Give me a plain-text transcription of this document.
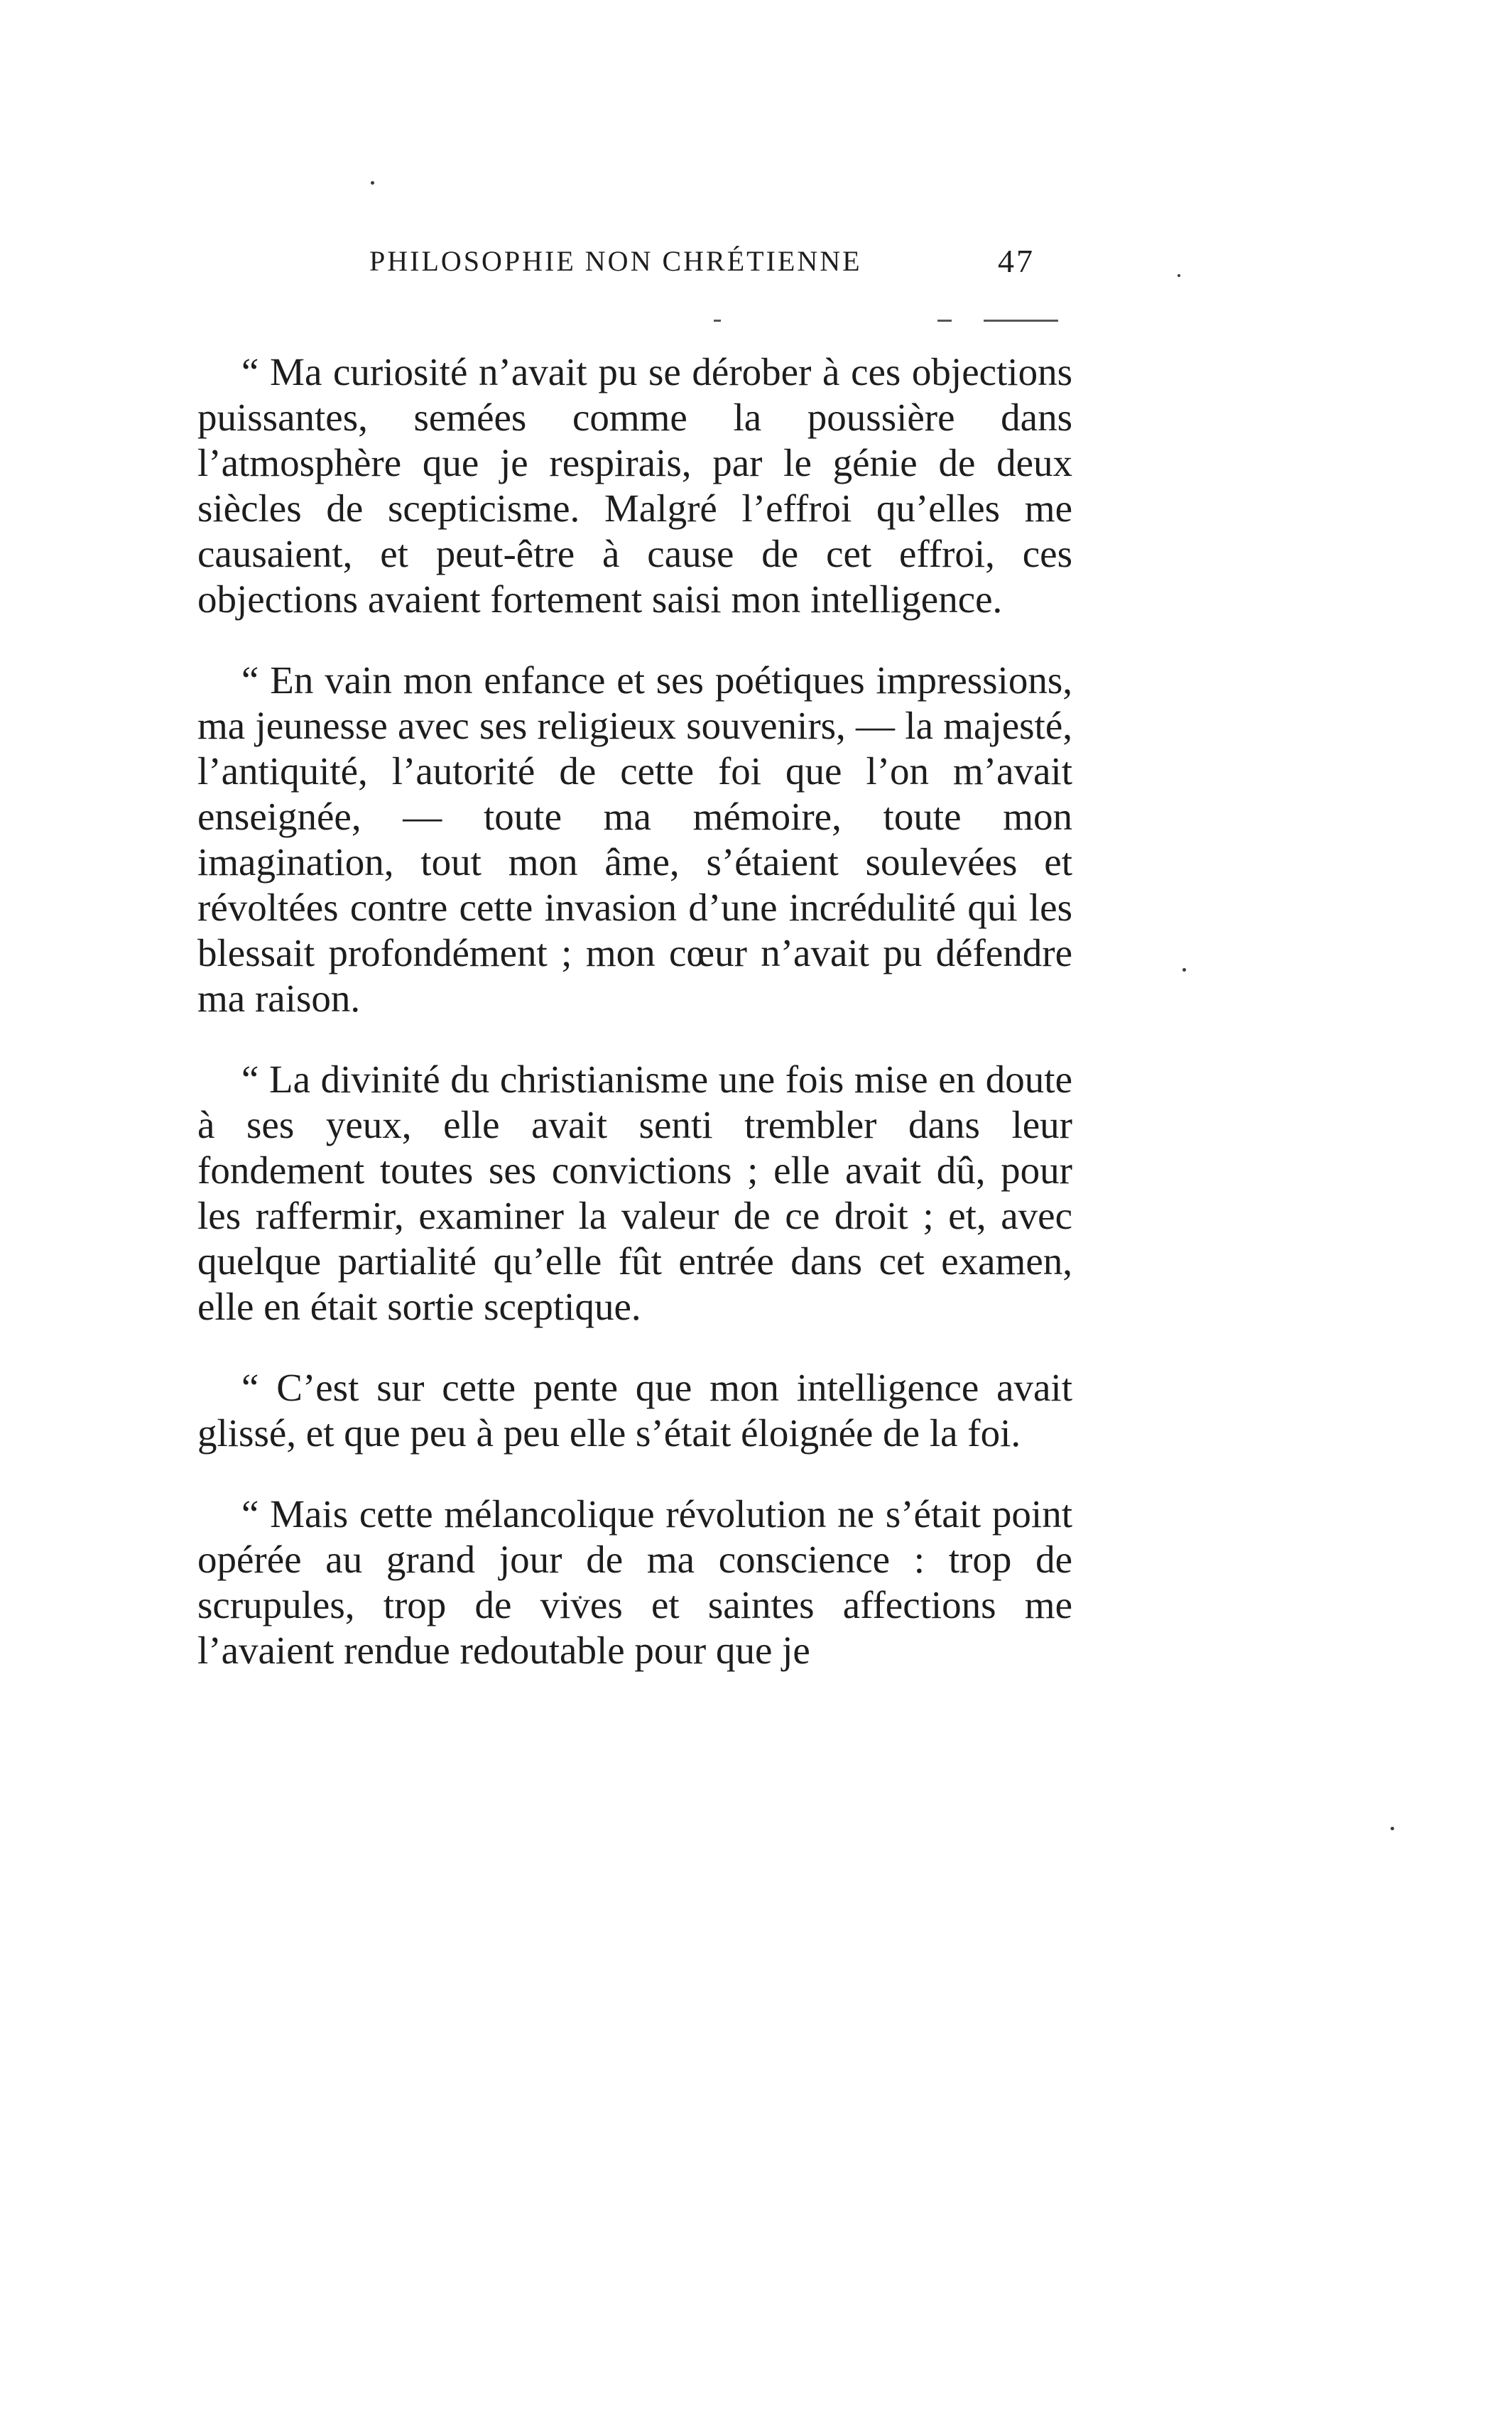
PHILOSOPHIE NON CHRÉTIENNE	47

“ Ma curiosité n’avait pu se dérober à ces objections puissantes, semées comme la poussière dans l’atmosphère que je respirais, par le génie de deux siècles de scepticisme. Malgré l’effroi qu’elles me causaient, et peut-être à cause de cet effroi, ces objections avaient fortement saisi mon intelligence.

“ En vain mon enfance et ses poétiques impressions, ma jeunesse avec ses religieux souvenirs, — la majesté, l’antiquité, l’autorité de cette foi que l’on m’avait enseignée, — toute ma mémoire, toute mon imagination, tout mon âme, s’étaient soulevées et révoltées contre cette invasion d’une incrédulité qui les blessait profondément ; mon cœur n’avait pu défendre ma raison.

“ La divinité du christianisme une fois mise en doute à ses yeux, elle avait senti trembler dans leur fondement toutes ses convictions ; elle avait dû, pour les raffermir, examiner la valeur de ce droit ; et, avec quelque partialité qu’elle fût entrée dans cet examen, elle en était sortie sceptique.

“ C’est sur cette pente que mon intelligence avait glissé, et que peu à peu elle s’était éloignée de la foi.

“ Mais cette mélancolique révolution ne s’était point opérée au grand jour de ma conscience : trop de scrupules, trop de vives et saintes affections me l’avaient rendue redoutable pour que je
